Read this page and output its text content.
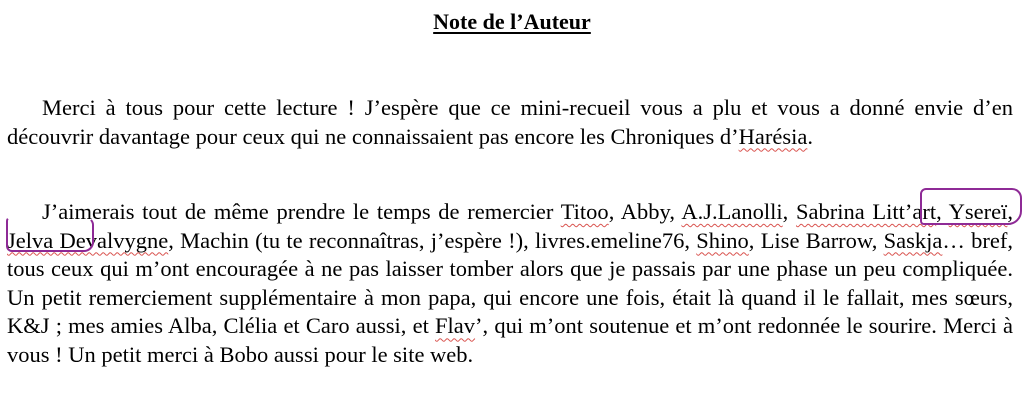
Note de l’Auteur

Merci à tous pour cette lecture ! J’espère que ce mini-recueil vous a plu et vous a donné envie d’en découvrir davantage pour ceux qui ne connaissaient pas encore les Chroniques d’Harésia.

J’aimerais tout de même prendre le temps de remercier Titoo, Abby, A.J.Lanolli, Sabrina Litt’art, Ysereï, Jelva Devalvygne, Machin (tu te reconnaîtras, j’espère !), livres.emeline76, Shino, Lise Barrow, Saskja… bref, tous ceux qui m’ont encouragée à ne pas laisser tomber alors que je passais par une phase un peu compliquée. Un petit remerciement supplémentaire à mon papa, qui encore une fois, était là quand il le fallait, mes sœurs, K&J ; mes amies Alba, Clélia et Caro aussi, et Flav’, qui m’ont soutenue et m’ont redonnée le sourire. Merci à vous ! Un petit merci à Bobo aussi pour le site web.
